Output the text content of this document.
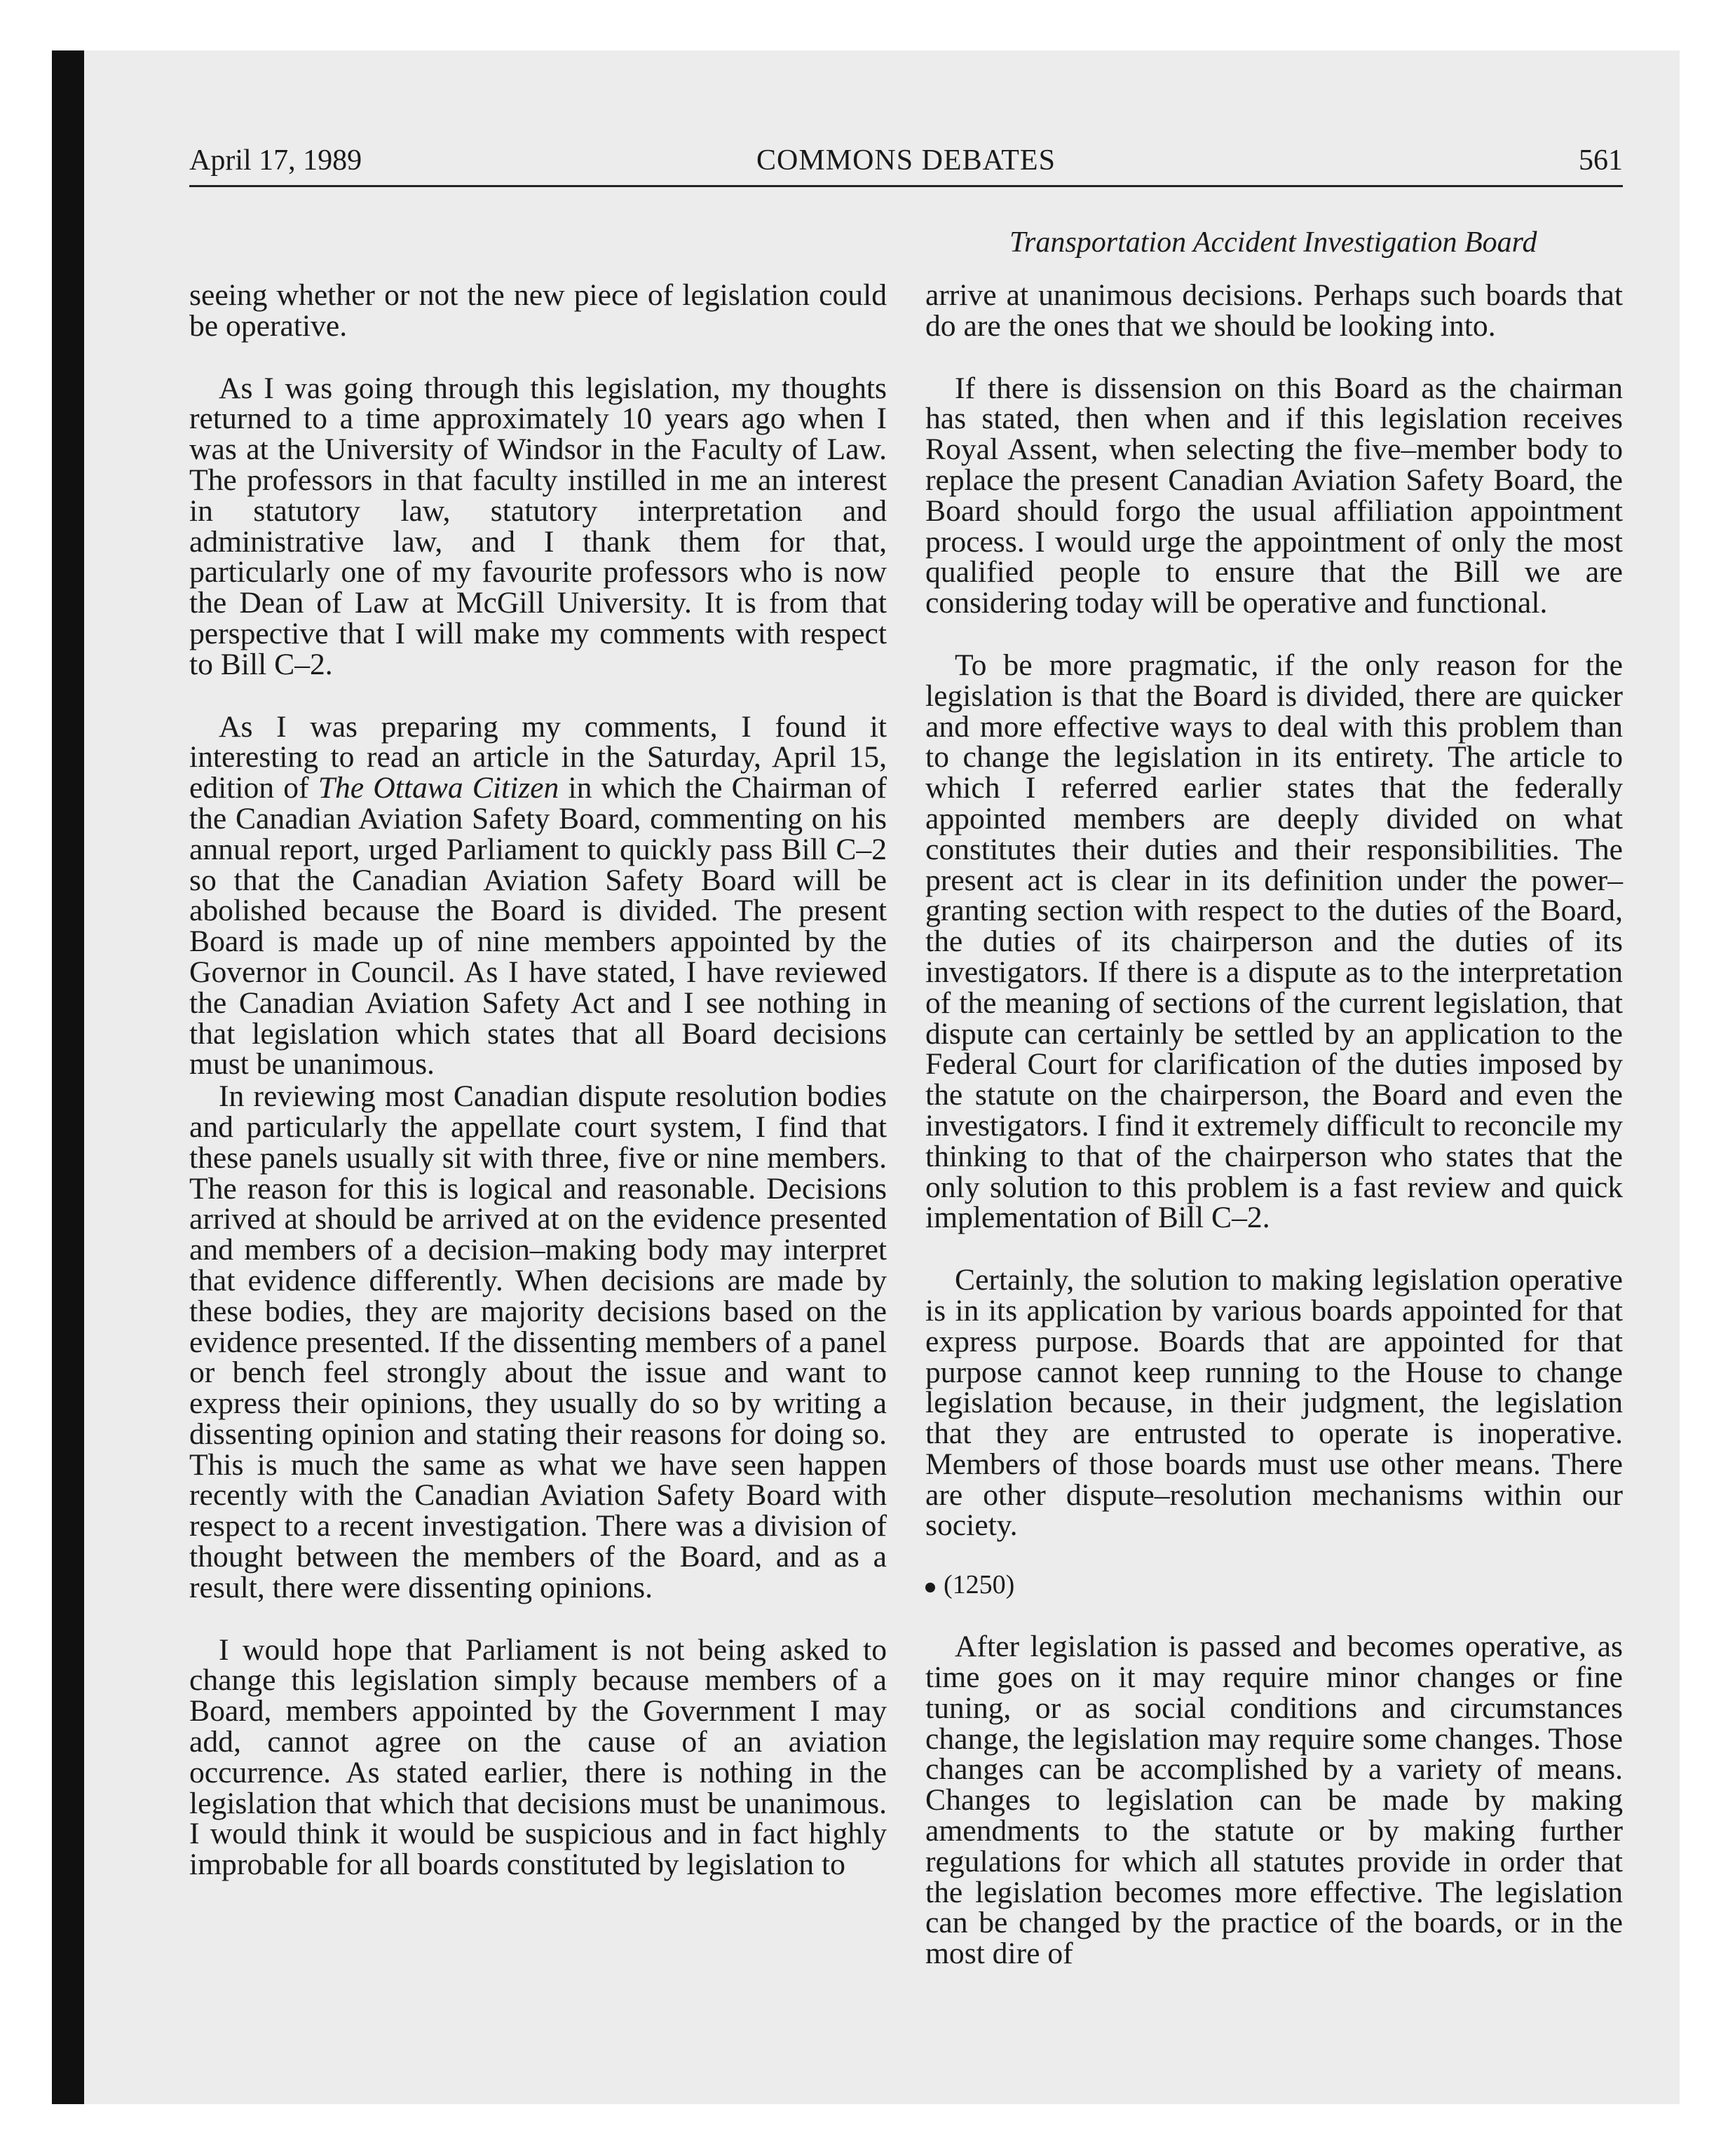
April 17, 1989	COMMONS DEBATES	561
Transportation Accident Investigation Board

seeing whether or not the new piece of legislation could be operative.

As I was going through this legislation, my thoughts returned to a time approximately 10 years ago when I was at the University of Windsor in the Faculty of Law. The professors in that faculty instilled in me an interest in statutory law, statutory interpretation and administrative law, and I thank them for that, particularly one of my favourite professors who is now the Dean of Law at McGill University. It is from that perspective that I will make my comments with respect to Bill C–2.

As I was preparing my comments, I found it interesting to read an article in the Saturday, April 15, edition of The Ottawa Citizen in which the Chairman of the Canadian Aviation Safety Board, commenting on his annual report, urged Parliament to quickly pass Bill C–2 so that the Canadian Aviation Safety Board will be abolished because the Board is divided. The present Board is made up of nine members appointed by the Governor in Council. As I have stated, I have reviewed the Canadian Aviation Safety Act and I see nothing in that legislation which states that all Board decisions must be unanimous.

In reviewing most Canadian dispute resolution bodies and particularly the appellate court system, I find that these panels usually sit with three, five or nine members. The reason for this is logical and reasonable. Decisions arrived at should be arrived at on the evidence presented and members of a decision–making body may interpret that evidence differently. When decisions are made by these bodies, they are majority decisions based on the evidence presented. If the dissenting members of a panel or bench feel strongly about the issue and want to express their opinions, they usually do so by writing a dissenting opinion and stating their reasons for doing so. This is much the same as what we have seen happen recently with the Canadian Aviation Safety Board with respect to a recent investigation. There was a division of thought between the members of the Board, and as a result, there were dissenting opinions.

I would hope that Parliament is not being asked to change this legislation simply because members of a Board, members appointed by the Government I may add, cannot agree on the cause of an aviation occurrence. As stated earlier, there is nothing in the legislation that which that decisions must be unanimous. I would think it would be suspicious and in fact highly improbable for all boards constituted by legislation to

arrive at unanimous decisions. Perhaps such boards that do are the ones that we should be looking into.

If there is dissension on this Board as the chairman has stated, then when and if this legislation receives Royal Assent, when selecting the five–member body to replace the present Canadian Aviation Safety Board, the Board should forgo the usual affiliation appointment process. I would urge the appointment of only the most qualified people to ensure that the Bill we are considering today will be operative and functional.

To be more pragmatic, if the only reason for the legislation is that the Board is divided, there are quicker and more effective ways to deal with this problem than to change the legislation in its entirety. The article to which I referred earlier states that the federally appointed members are deeply divided on what constitutes their duties and their responsibilities. The present act is clear in its definition under the power–granting section with respect to the duties of the Board, the duties of its chairperson and the duties of its investigators. If there is a dispute as to the interpretation of the meaning of sections of the current legislation, that dispute can certainly be settled by an application to the Federal Court for clarification of the duties imposed by the statute on the chairperson, the Board and even the investigators. I find it extremely difficult to reconcile my thinking to that of the chairperson who states that the only solution to this problem is a fast review and quick implementation of Bill C–2.

Certainly, the solution to making legislation operative is in its application by various boards appointed for that express purpose. Boards that are appointed for that purpose cannot keep running to the House to change legislation because, in their judgment, the legislation that they are entrusted to operate is inoperative. Members of those boards must use other means. There are other dispute–resolution mechanisms within our society.

(1250)

After legislation is passed and becomes operative, as time goes on it may require minor changes or fine tuning, or as social conditions and circumstances change, the legislation may require some changes. Those changes can be accomplished by a variety of means. Changes to legislation can be made by making amendments to the statute or by making further regulations for which all statutes provide in order that the legislation becomes more effective. The legislation can be changed by the practice of the boards, or in the most dire of
